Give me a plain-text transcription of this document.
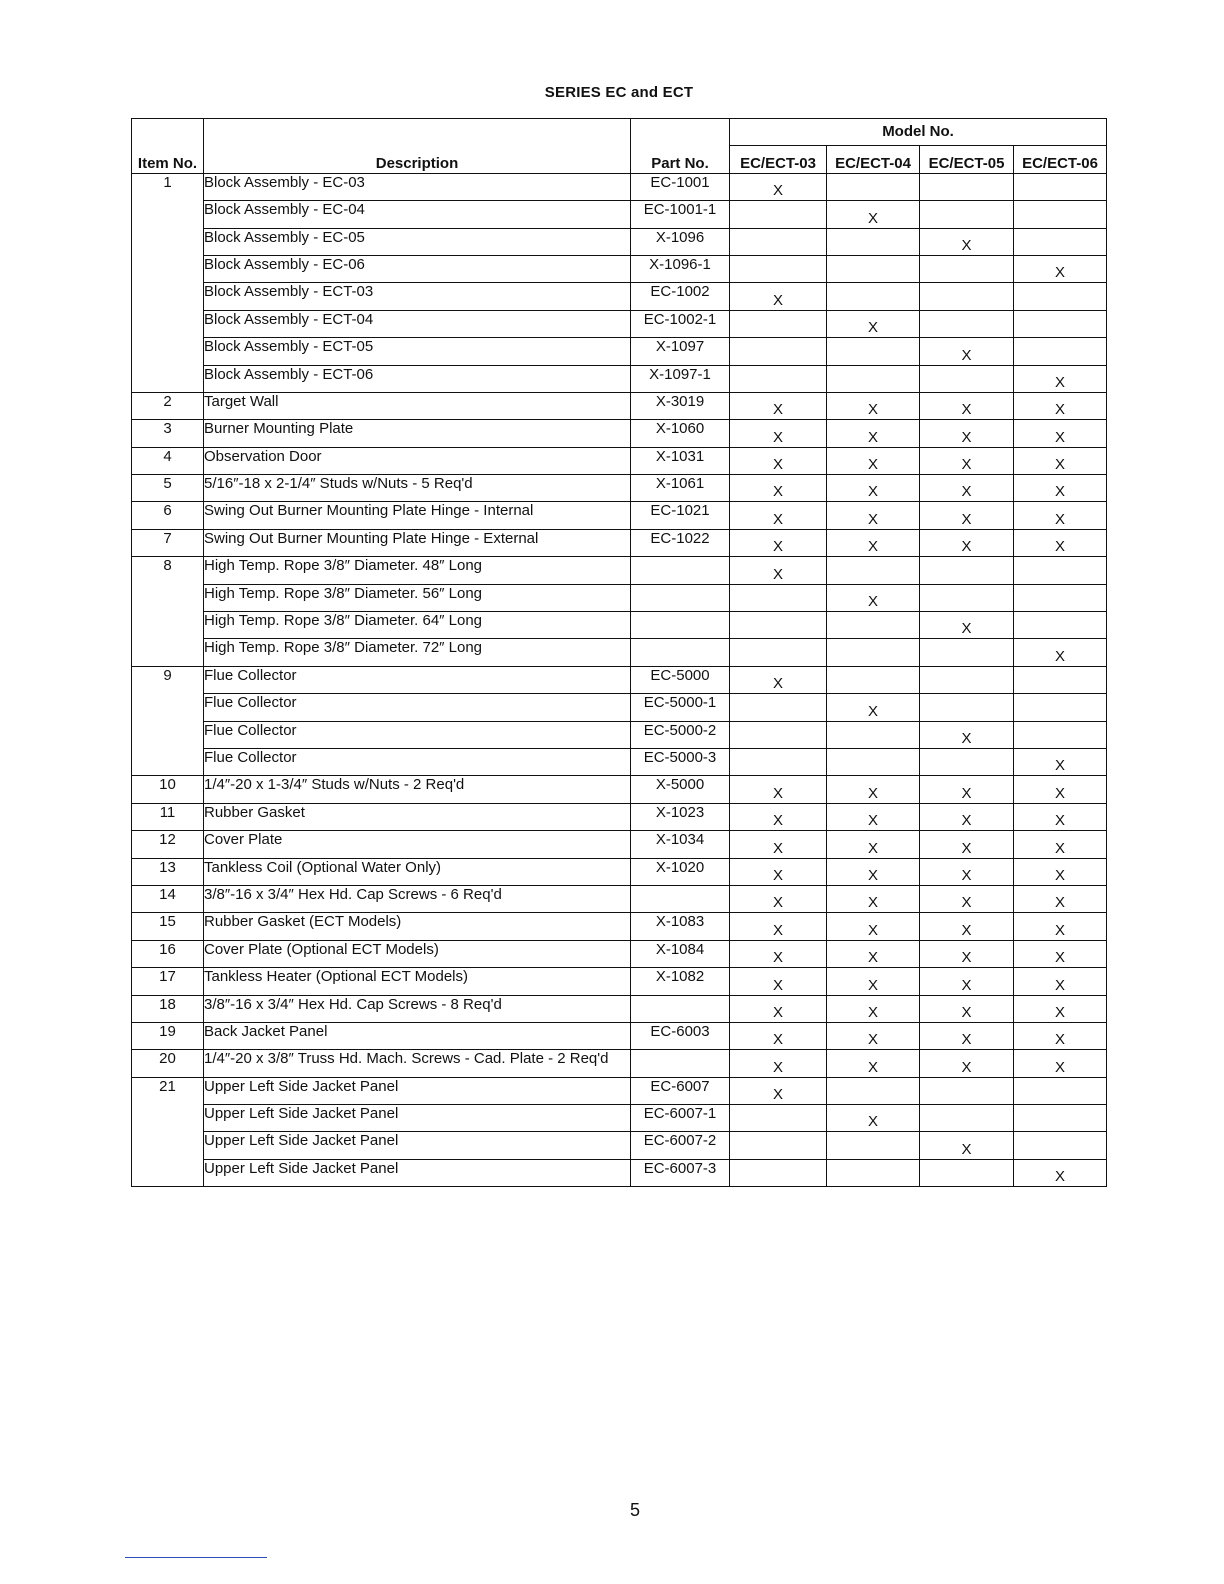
SERIES EC and ECT
Item No.	Description	Part No.	Model No.			
			EC/ECT-03	EC/ECT-04	EC/ECT-05	EC/ECT-06
1	Block Assembly - EC-03	EC-1001	X			
	Block Assembly - EC-04	EC-1001-1		X		
	Block Assembly - EC-05	X-1096			X	
	Block Assembly - EC-06	X-1096-1				X
	Block Assembly - ECT-03	EC-1002	X			
	Block Assembly - ECT-04	EC-1002-1		X		
	Block Assembly - ECT-05	X-1097			X	
	Block Assembly - ECT-06	X-1097-1				X
2	Target Wall	X-3019	X	X	X	X
3	Burner Mounting Plate	X-1060	X	X	X	X
4	Observation Door	X-1031	X	X	X	X
5	5/16″-18 x 2-1/4″ Studs w/Nuts - 5 Req'd	X-1061	X	X	X	X
6	Swing Out Burner Mounting Plate Hinge - Internal	EC-1021	X	X	X	X
7	Swing Out Burner Mounting Plate Hinge - External	EC-1022	X	X	X	X
8	High Temp. Rope 3/8″ Diameter. 48″ Long		X			
	High Temp. Rope 3/8″ Diameter. 56″ Long			X		
	High Temp. Rope 3/8″ Diameter. 64″ Long				X	
	High Temp. Rope 3/8″ Diameter. 72″ Long					X
9	Flue Collector	EC-5000	X			
	Flue Collector	EC-5000-1		X		
	Flue Collector	EC-5000-2			X	
	Flue Collector	EC-5000-3				X
10	1/4″-20 x 1-3/4″ Studs w/Nuts - 2 Req'd	X-5000	X	X	X	X
11	Rubber Gasket	X-1023	X	X	X	X
12	Cover Plate	X-1034	X	X	X	X
13	Tankless Coil (Optional Water Only)	X-1020	X	X	X	X
14	3/8″-16 x 3/4″ Hex Hd. Cap Screws - 6 Req'd		X	X	X	X
15	Rubber Gasket (ECT Models)	X-1083	X	X	X	X
16	Cover Plate (Optional ECT Models)	X-1084	X	X	X	X
17	Tankless Heater (Optional ECT Models)	X-1082	X	X	X	X
18	3/8″-16 x 3/4″ Hex Hd. Cap Screws - 8 Req'd		X	X	X	X
19	Back Jacket Panel	EC-6003	X	X	X	X
20	1/4″-20 x 3/8″ Truss Hd. Mach. Screws - Cad. Plate - 2 Req'd		X	X	X	X
21	Upper Left Side Jacket Panel	EC-6007	X			
	Upper Left Side Jacket Panel	EC-6007-1		X		
	Upper Left Side Jacket Panel	EC-6007-2			X	
	Upper Left Side Jacket Panel	EC-6007-3				X
5
